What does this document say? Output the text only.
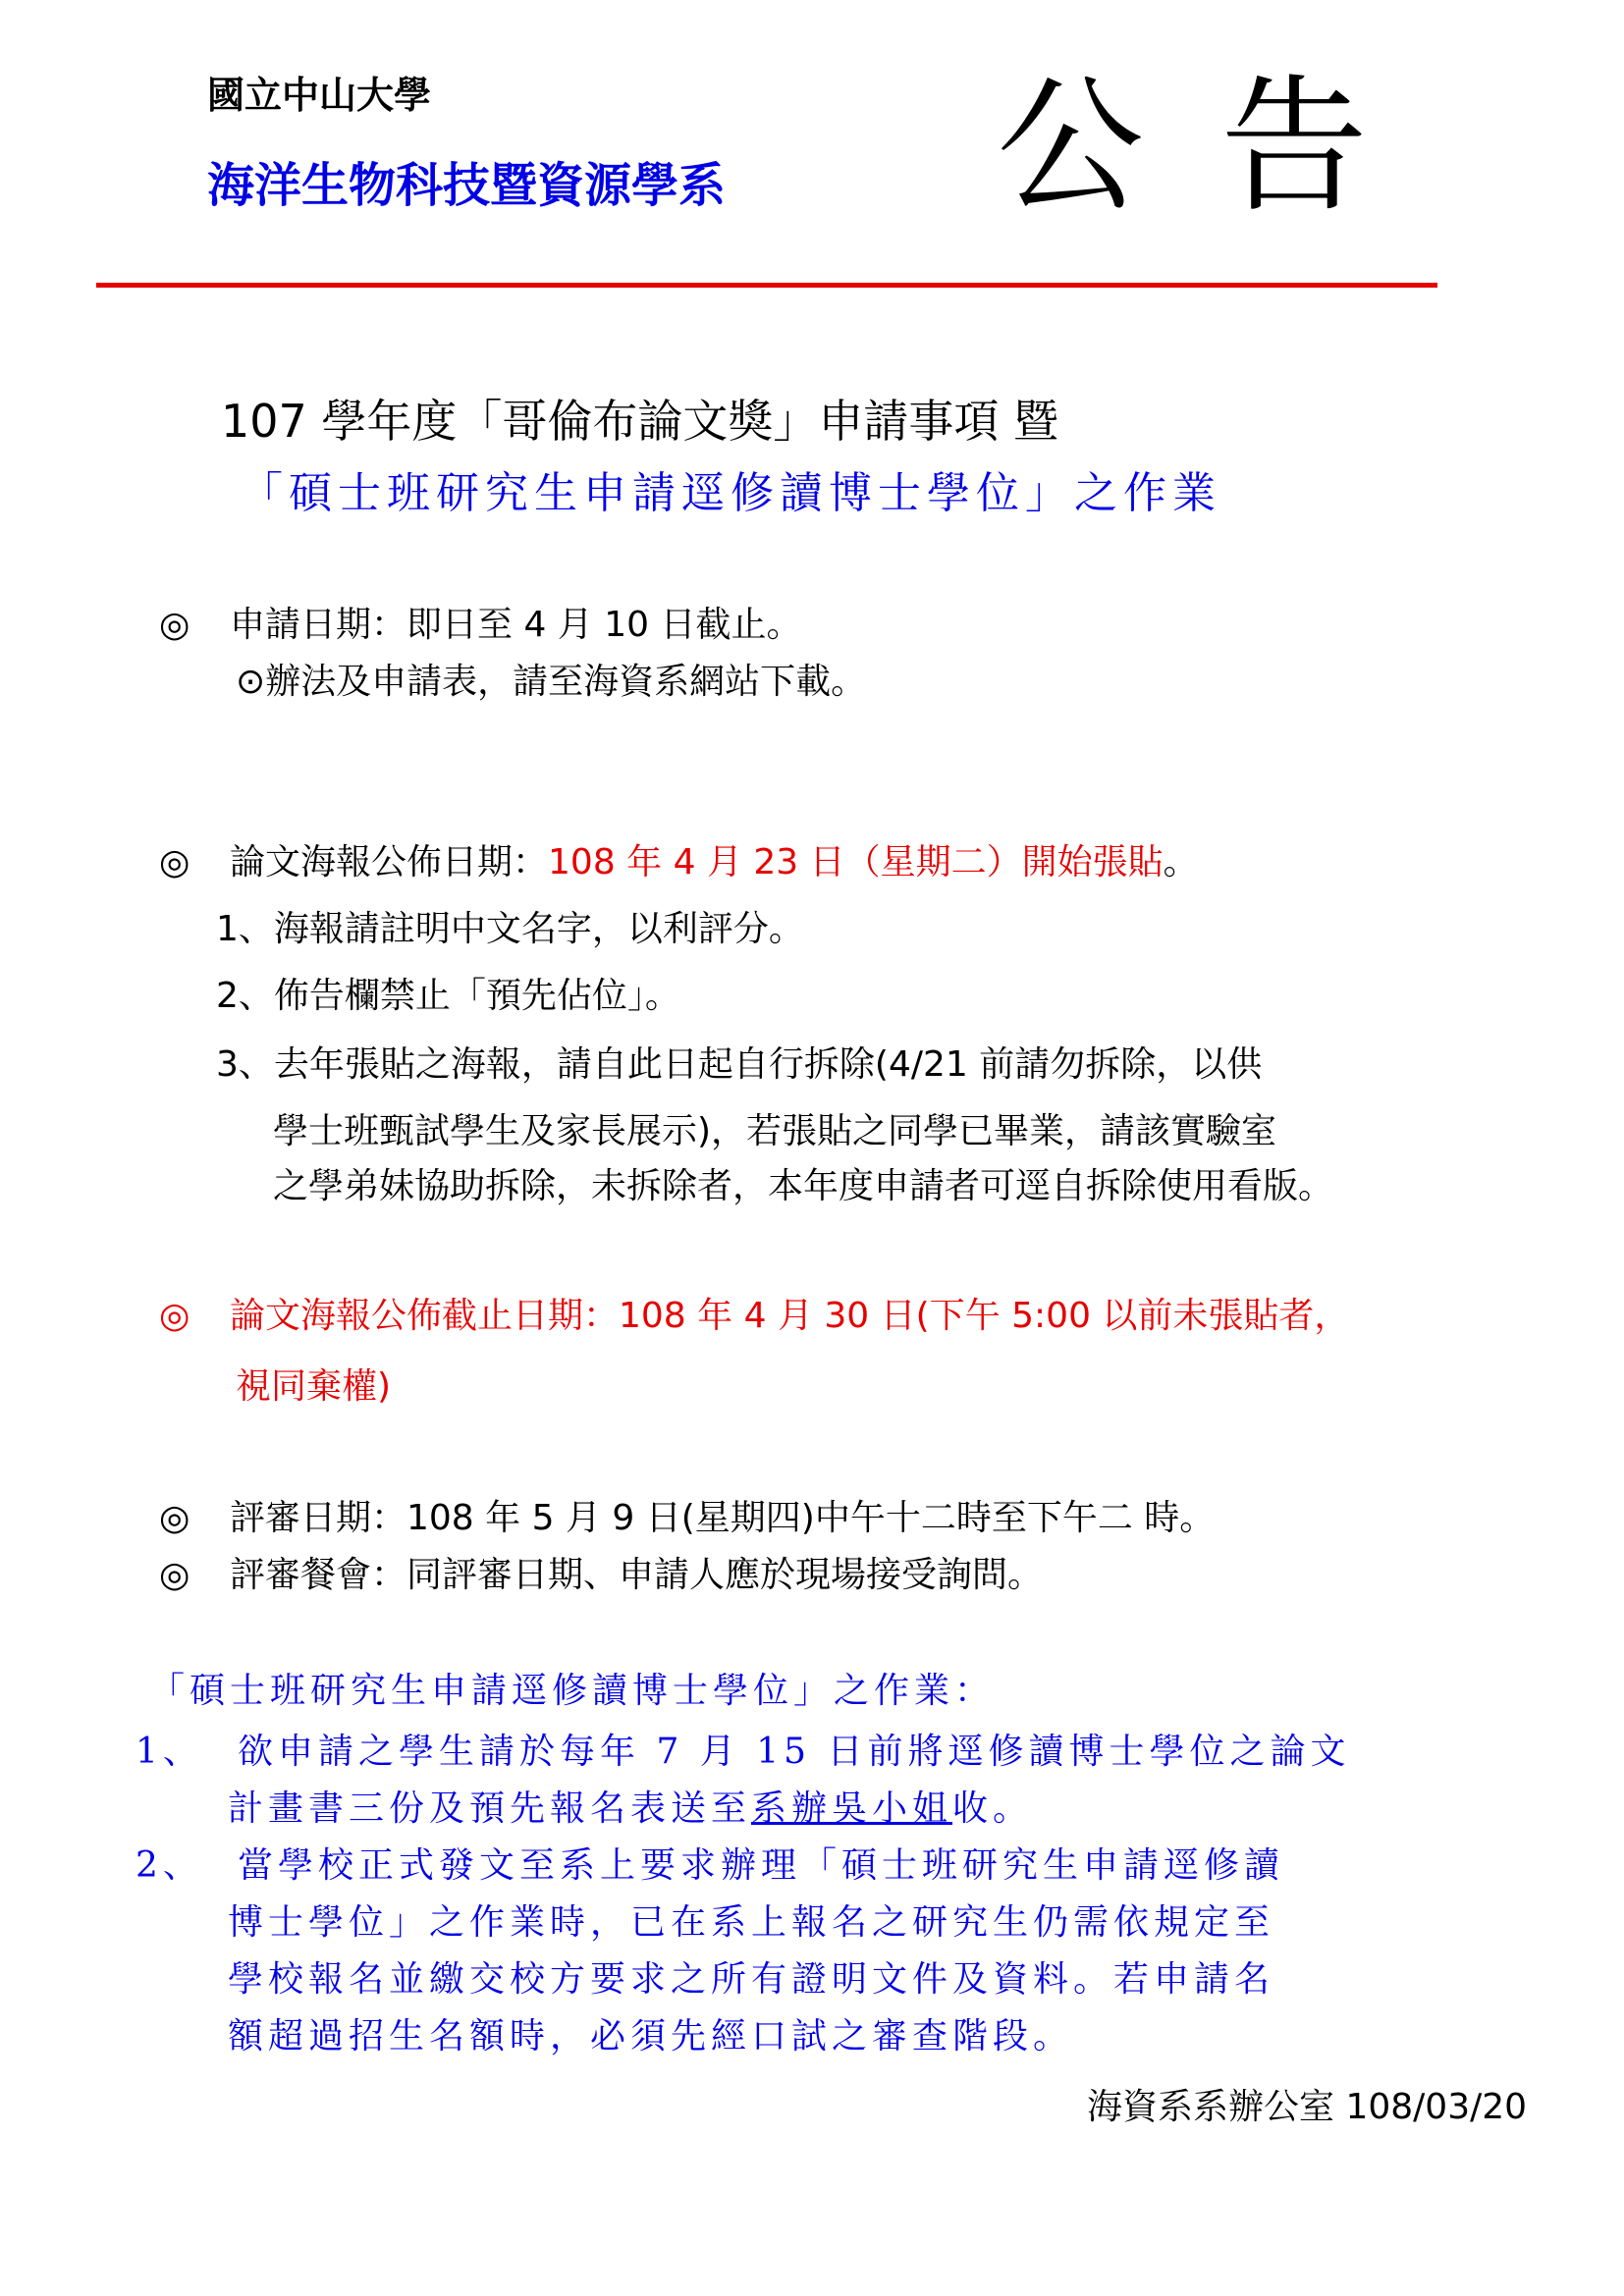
國立中山大學
海洋生物科技暨資源學系 公告
107 學年度「哥倫布論文獎」申請事項 暨
「碩士班研究生申請逕修讀博士學位」之作業
◎ 申請日期：即日至 4 月 10 日截止。
⊙辦法及申請表，請至海資系網站下載。
◎ 論文海報公佈日期：108 年 4 月 23 日（星期二）開始張貼。
1、海報請註明中文名字，以利評分。
2、佈告欄禁止「預先佔位」。
3、去年張貼之海報，請自此日起自行拆除(4/21 前請勿拆除，以供
學士班甄試學生及家長展示)，若張貼之同學已畢業，請該實驗室
之學弟妹協助拆除，未拆除者，本年度申請者可逕自拆除使用看版。
◎ 論文海報公佈截止日期：108 年 4 月 30 日(下午 5:00 以前未張貼者，
視同棄權)
◎ 評審日期：108 年 5 月 9 日(星期四)中午十二時至下午二 時。
◎ 評審餐會：同評審日期、申請人應於現場接受詢問。
「碩士班研究生申請逕修讀博士學位」之作業：
1、 欲申請之學生請於每年 7 月 15 日前將逕修讀博士學位之論文
計畫書三份及預先報名表送至系辦吳小姐收。
2、 當學校正式發文至系上要求辦理「碩士班研究生申請逕修讀
博士學位」之作業時，已在系上報名之研究生仍需依規定至
學校報名並繳交校方要求之所有證明文件及資料。若申請名
額超過招生名額時，必須先經口試之審查階段。
海資系系辦公室 108/03/20
